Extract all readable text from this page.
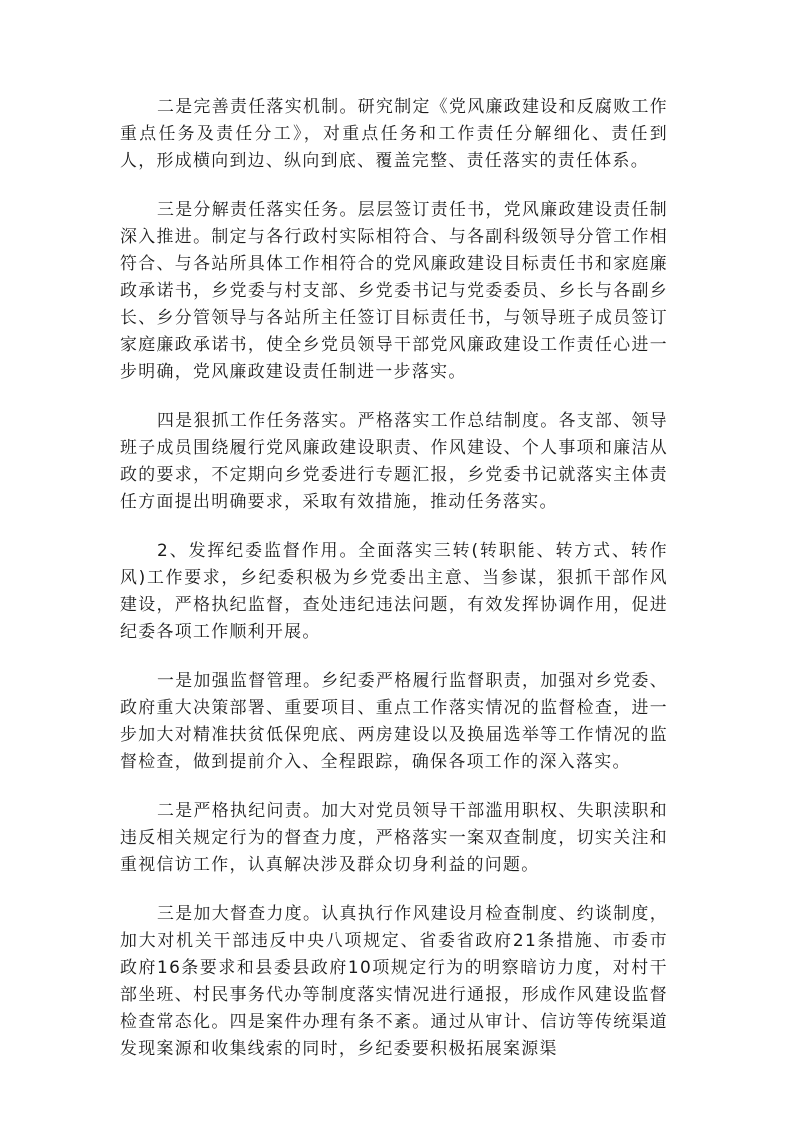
二是完善责任落实机制。研究制定《党风廉政建设和反腐败工作重点任务及责任分工》，对重点任务和工作责任分解细化、责任到人，形成横向到边、纵向到底、覆盖完整、责任落实的责任体系。

三是分解责任落实任务。层层签订责任书，党风廉政建设责任制深入推进。制定与各行政村实际相符合、与各副科级领导分管工作相符合、与各站所具体工作相符合的党风廉政建设目标责任书和家庭廉政承诺书，乡党委与村支部、乡党委书记与党委委员、乡长与各副乡长、乡分管领导与各站所主任签订目标责任书，与领导班子成员签订家庭廉政承诺书，使全乡党员领导干部党风廉政建设工作责任心进一步明确，党风廉政建设责任制进一步落实。

四是狠抓工作任务落实。严格落实工作总结制度。各支部、领导班子成员围绕履行党风廉政建设职责、作风建设、个人事项和廉洁从政的要求，不定期向乡党委进行专题汇报，乡党委书记就落实主体责任方面提出明确要求，采取有效措施，推动任务落实。

2、发挥纪委监督作用。全面落实三转(转职能、转方式、转作风)工作要求，乡纪委积极为乡党委出主意、当参谋，狠抓干部作风建设，严格执纪监督，查处违纪违法问题，有效发挥协调作用，促进纪委各项工作顺利开展。

一是加强监督管理。乡纪委严格履行监督职责，加强对乡党委、政府重大决策部署、重要项目、重点工作落实情况的监督检查，进一步加大对精准扶贫低保兜底、两房建设以及换届选举等工作情况的监督检查，做到提前介入、全程跟踪，确保各项工作的深入落实。

二是严格执纪问责。加大对党员领导干部滥用职权、失职渎职和违反相关规定行为的督查力度，严格落实一案双查制度，切实关注和重视信访工作，认真解决涉及群众切身利益的问题。

三是加大督查力度。认真执行作风建设月检查制度、约谈制度，加大对机关干部违反中央八项规定、省委省政府21条措施、市委市政府16条要求和县委县政府10项规定行为的明察暗访力度，对村干部坐班、村民事务代办等制度落实情况进行通报，形成作风建设监督检查常态化。四是案件办理有条不紊。通过从审计、信访等传统渠道发现案源和收集线索的同时，乡纪委要积极拓展案源渠
